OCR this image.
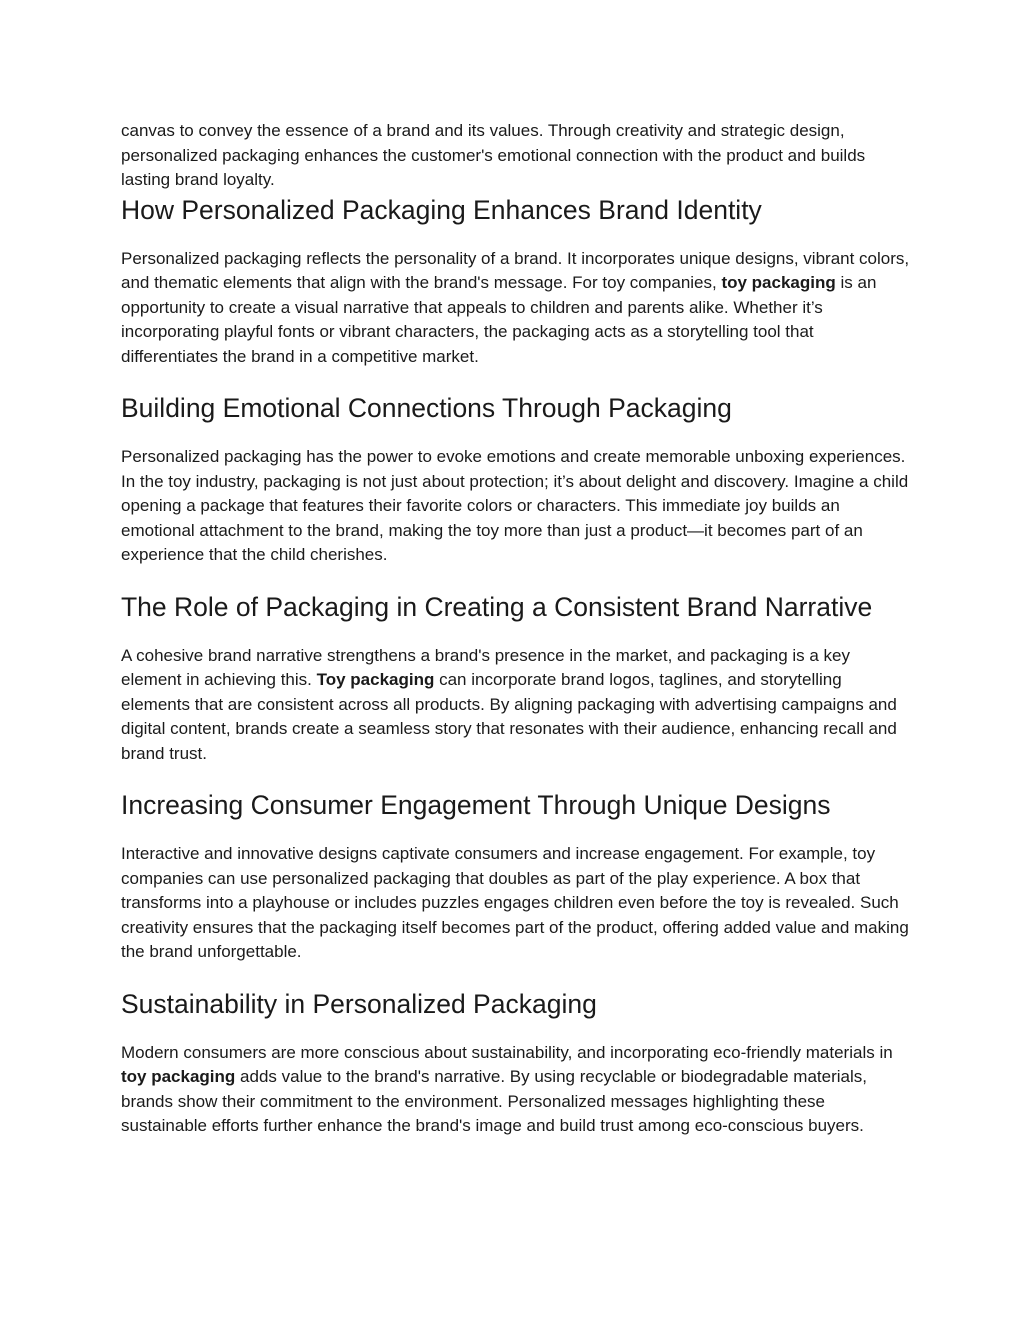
canvas to convey the essence of a brand and its values. Through creativity and strategic design, personalized packaging enhances the customer's emotional connection with the product and builds lasting brand loyalty.

How Personalized Packaging Enhances Brand Identity

Personalized packaging reflects the personality of a brand. It incorporates unique designs, vibrant colors, and thematic elements that align with the brand's message. For toy companies, toy packaging is an opportunity to create a visual narrative that appeals to children and parents alike. Whether it’s incorporating playful fonts or vibrant characters, the packaging acts as a storytelling tool that differentiates the brand in a competitive market.

Building Emotional Connections Through Packaging

Personalized packaging has the power to evoke emotions and create memorable unboxing experiences. In the toy industry, packaging is not just about protection; it’s about delight and discovery. Imagine a child opening a package that features their favorite colors or characters. This immediate joy builds an emotional attachment to the brand, making the toy more than just a product—it becomes part of an experience that the child cherishes.

The Role of Packaging in Creating a Consistent Brand Narrative

A cohesive brand narrative strengthens a brand's presence in the market, and packaging is a key element in achieving this. Toy packaging can incorporate brand logos, taglines, and storytelling elements that are consistent across all products. By aligning packaging with advertising campaigns and digital content, brands create a seamless story that resonates with their audience, enhancing recall and brand trust.

Increasing Consumer Engagement Through Unique Designs

Interactive and innovative designs captivate consumers and increase engagement. For example, toy companies can use personalized packaging that doubles as part of the play experience. A box that transforms into a playhouse or includes puzzles engages children even before the toy is revealed. Such creativity ensures that the packaging itself becomes part of the product, offering added value and making the brand unforgettable.

Sustainability in Personalized Packaging

Modern consumers are more conscious about sustainability, and incorporating eco-friendly materials in toy packaging adds value to the brand's narrative. By using recyclable or biodegradable materials, brands show their commitment to the environment. Personalized messages highlighting these sustainable efforts further enhance the brand's image and build trust among eco-conscious buyers.
